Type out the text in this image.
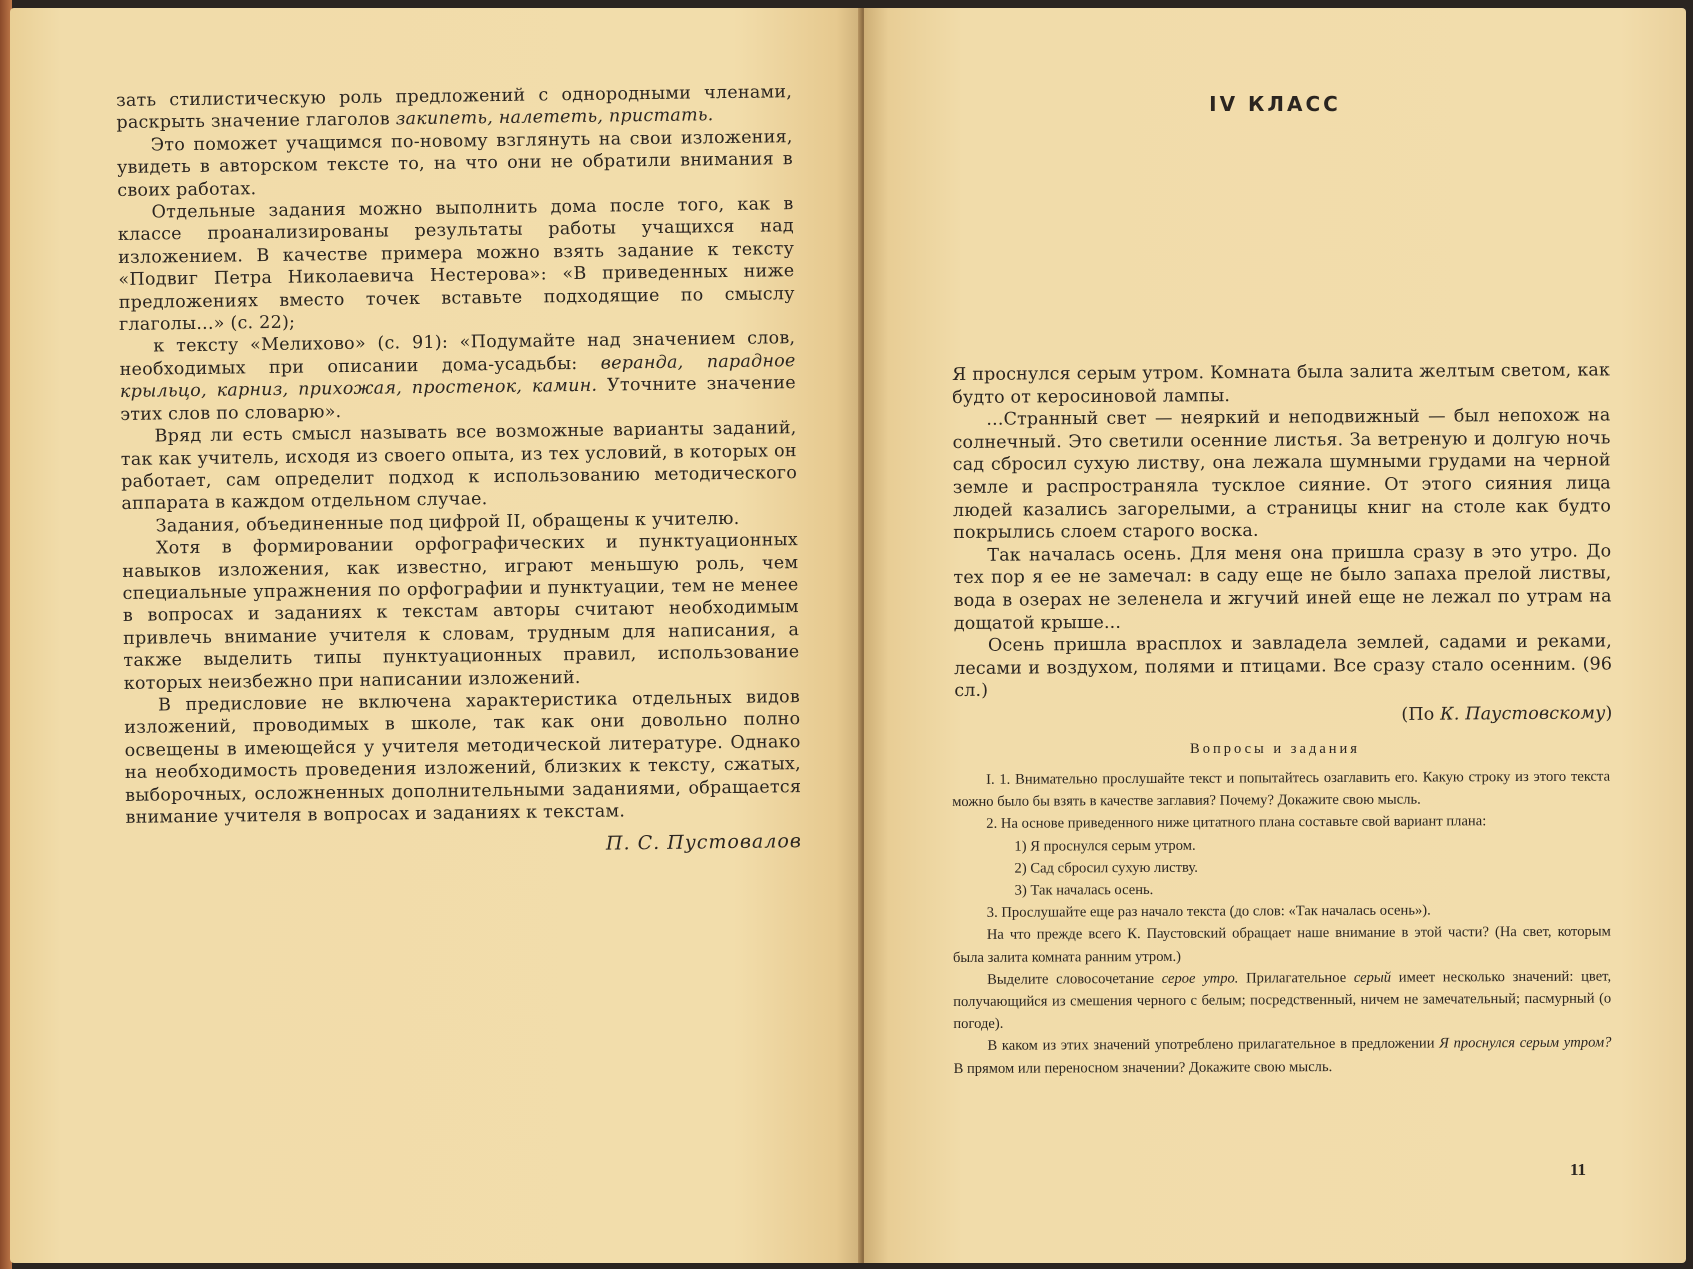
зать стилистическую роль предложений с однородными членами, раскрыть значение глаголов закипеть, налететь, пристать.

Это поможет учащимся по-новому взглянуть на свои изложения, увидеть в авторском тексте то, на что они не обратили внимания в своих работах.

Отдельные задания можно выполнить дома после того, как в классе проанализированы результаты работы учащихся над изложением. В качестве примера можно взять задание к тексту «Подвиг Петра Николаевича Нестерова»: «В приведенных ниже предложениях вместо точек вставьте подходящие по смыслу глаголы...» (с. 22);

к тексту «Мелихово» (с. 91): «Подумайте над значением слов, необходимых при описании дома-усадьбы: веранда, парадное крыльцо, карниз, прихожая, простенок, камин. Уточните значение этих слов по словарю».

Вряд ли есть смысл называть все возможные варианты заданий, так как учитель, исходя из своего опыта, из тех условий, в которых он работает, сам определит подход к использованию методического аппарата в каждом отдельном случае.

Задания, объединенные под цифрой II, обращены к учителю.

Хотя в формировании орфографических и пунктуационных навыков изложения, как известно, играют меньшую роль, чем специальные упражнения по орфографии и пунктуации, тем не менее в вопросах и заданиях к текстам авторы считают необходимым привлечь внимание учителя к словам, трудным для написания, а также выделить типы пунктуационных правил, использование которых неизбежно при написании изложений.

В предисловие не включена характеристика отдельных видов изложений, проводимых в школе, так как они довольно полно освещены в имеющейся у учителя методической литературе. Однако на необходимость проведения изложений, близких к тексту, сжатых, выборочных, осложненных дополнительными заданиями, обращается внимание учителя в вопросах и заданиях к текстам.

П. С. Пустовалов
IV КЛАСС

Я проснулся серым утром. Комната была залита желтым светом, как будто от керосиновой лампы.

...Странный свет — неяркий и неподвижный — был непохож на солнечный. Это светили осенние листья. За ветреную и долгую ночь сад сбросил сухую листву, она лежала шумными грудами на черной земле и распространяла тусклое сияние. От этого сияния лица людей казались загорелыми, а страницы книг на столе как будто покрылись слоем старого воска.

Так началась осень. Для меня она пришла сразу в это утро. До тех пор я ее не замечал: в саду еще не было запаха прелой листвы, вода в озерах не зеленела и жгучий иней еще не лежал по утрам на дощатой крыше...

Осень пришла врасплох и завладела землей, садами и реками, лесами и воздухом, полями и птицами. Все сразу стало осенним. (96 сл.)

(По К. Паустовскому)
Вопросы и задания

I. 1. Внимательно прослушайте текст и попытайтесь озаглавить его. Какую строку из этого текста можно было бы взять в качестве заглавия? Почему? Докажите свою мысль.

2. На основе приведенного ниже цитатного плана составьте свой вариант плана:

1) Я проснулся серым утром.
2) Сад сбросил сухую листву.
3) Так началась осень.

3. Прослушайте еще раз начало текста (до слов: «Так началась осень»).

На что прежде всего К. Паустовский обращает наше внимание в этой части? (На свет, которым была залита комната ранним утром.)

Выделите словосочетание серое утро. Прилагательное серый имеет несколько значений: цвет, получающийся из смешения черного с белым; посредственный, ничем не замечательный; пасмурный (о погоде).

В каком из этих значений употреблено прилагательное в предложении Я проснулся серым утром? В прямом или переносном значении? Докажите свою мысль.

11
